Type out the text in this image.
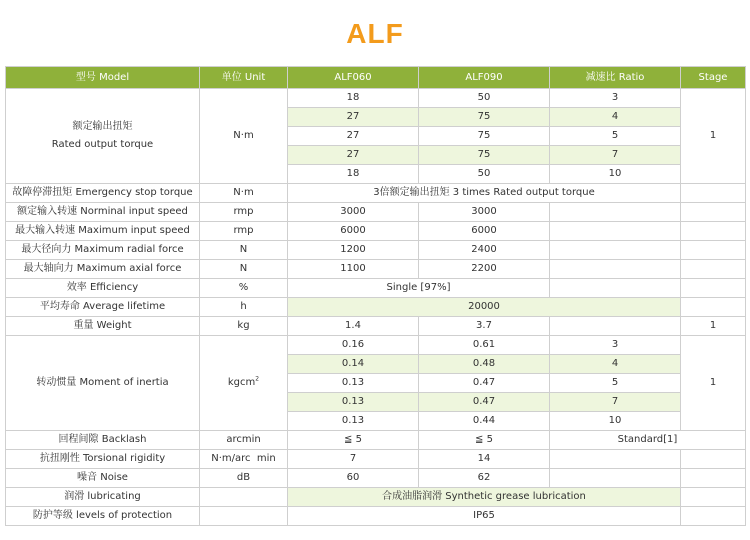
ALF
型号 Model	单位 Unit	ALF060	ALF090	减速比 Ratio	Stage
额定输出扭矩
Rated output torque	N·m	18	50	3	1
		27	75	4	
		27	75	5	
		27	75	7	
		18	50	10	
故障停滞扭矩 Emergency stop torque	N·m	3倍额定输出扭矩 3 times Rated output torque			
额定输入转速 Norminal input speed	rmp	3000	3000		
最大输入转速 Maximum input speed	rmp	6000	6000		
最大径向力 Maximum radial force	N	1200	2400		
最大轴向力 Maximum axial force	N	1100	2200		
效率 Efficiency	%	Single [97%]			
平均寿命 Average lifetime	h	20000			
重量 Weight	kg	1.4	3.7		1
转动惯量 Moment of inertia	kgcm$^2$	0.16	0.61	3	1
		0.14	0.48	4	
		0.13	0.47	5	
		0.13	0.47	7	
		0.13	0.44	10	
回程间隙 Backlash	arcmin	≦ 5	≦ 5	Standard[1]	
抗扭刚性 Torsional rigidity	N·m/arc  min	7	14		
噪音 Noise	dB	60	62		
润滑 lubricating		合成油脂润滑 Synthetic grease lubrication			
防护等级 levels of protection		IP65			
